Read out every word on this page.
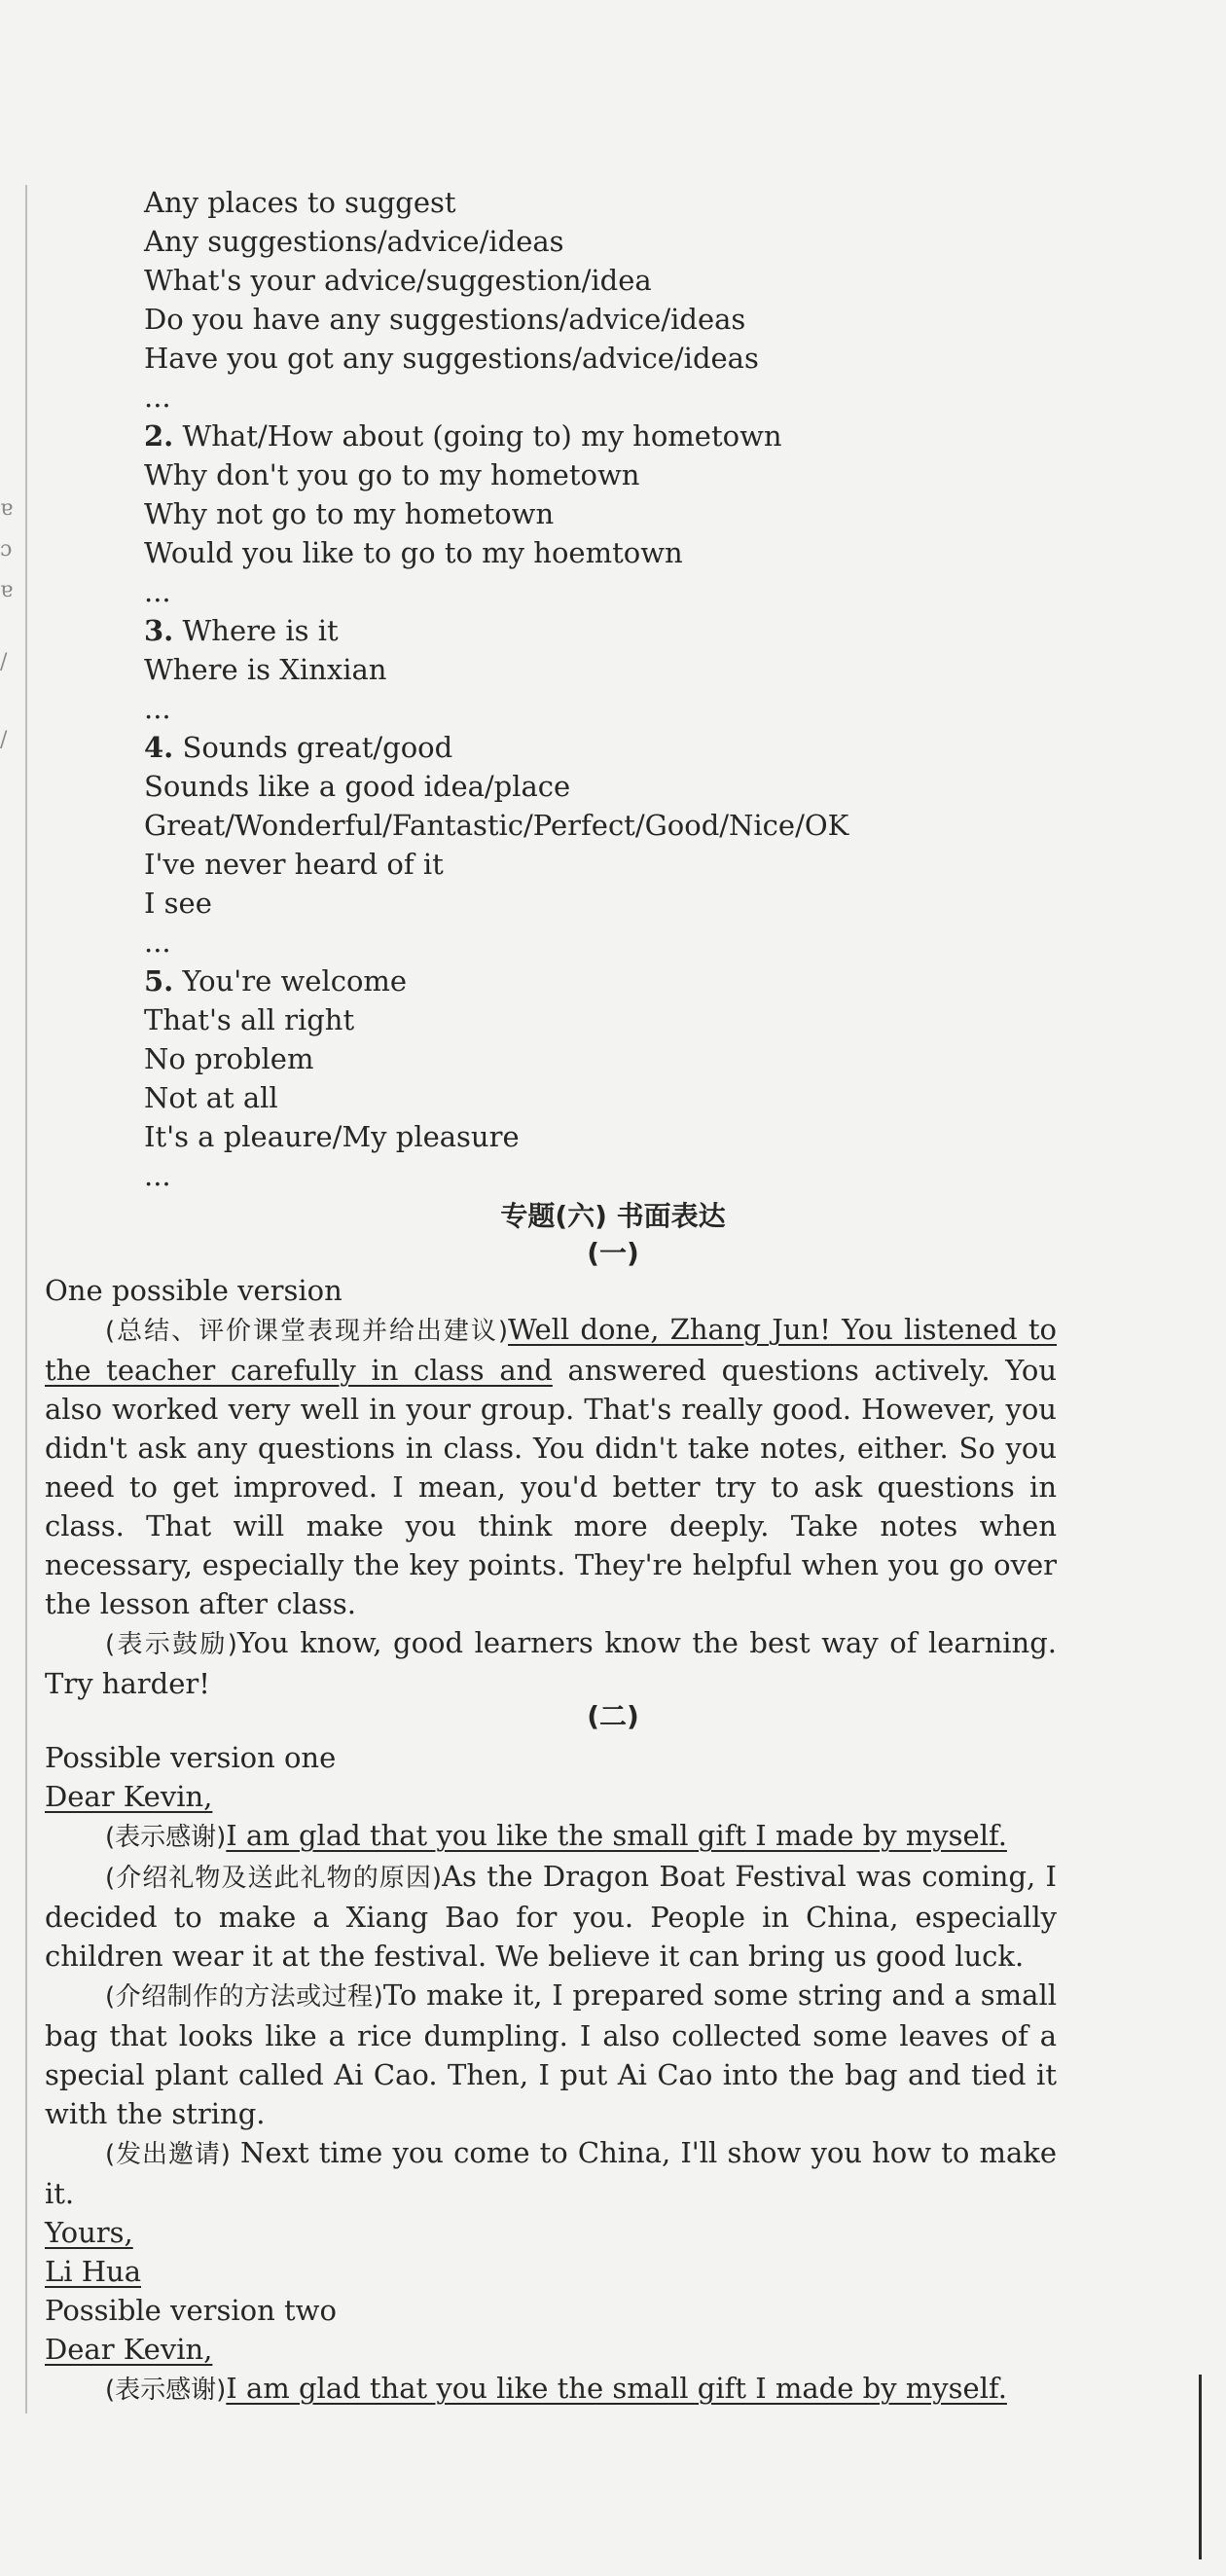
ɐ
ɔ
ɐ
/
/
Any places to suggest
Any suggestions/advice/ideas
What's your advice/suggestion/idea
Do you have any suggestions/advice/ideas
Have you got any suggestions/advice/ideas
...
2. What/How about (going to) my hometown
Why don't you go to my hometown
Why not go to my hometown
Would you like to go to my hoemtown
...
3. Where is it
Where is Xinxian
...
4. Sounds great/good
Sounds like a good idea/place
Great/Wonderful/Fantastic/Perfect/Good/Nice/OK
I've never heard of it
I see
...
5. You're welcome
That's all right
No problem
Not at all
It's a pleaure/My pleasure
...
专题(六) 书面表达
(一)

One possible version

(总结、评价课堂表现并给出建议)Well done, Zhang Jun! You listened to the teacher carefully in class and answered questions actively. You also worked very well in your group. That's really good. However, you didn't ask any questions in class. You didn't take notes, either. So you need to get improved. I mean, you'd better try to ask questions in class. That will make you think more deeply. Take notes when necessary, especially the key points. They're helpful when you go over the lesson after class.

(表示鼓励)You know, good learners know the best way of learning. Try harder!

(二)

Possible version one

Dear Kevin,

(表示感谢)I am glad that you like the small gift I made by myself.

(介绍礼物及送此礼物的原因)As the Dragon Boat Festival was coming, I decided to make a Xiang Bao for you. People in China, especially children wear it at the festival. We believe it can bring us good luck.

(介绍制作的方法或过程)To make it, I prepared some string and a small bag that looks like a rice dumpling. I also collected some leaves of a special plant called Ai Cao. Then, I put Ai Cao into the bag and tied it with the string.

(发出邀请) Next time you come to China, I'll show you how to make it.

Yours,

Li Hua

Possible version two

Dear Kevin,

(表示感谢)I am glad that you like the small gift I made by myself.
